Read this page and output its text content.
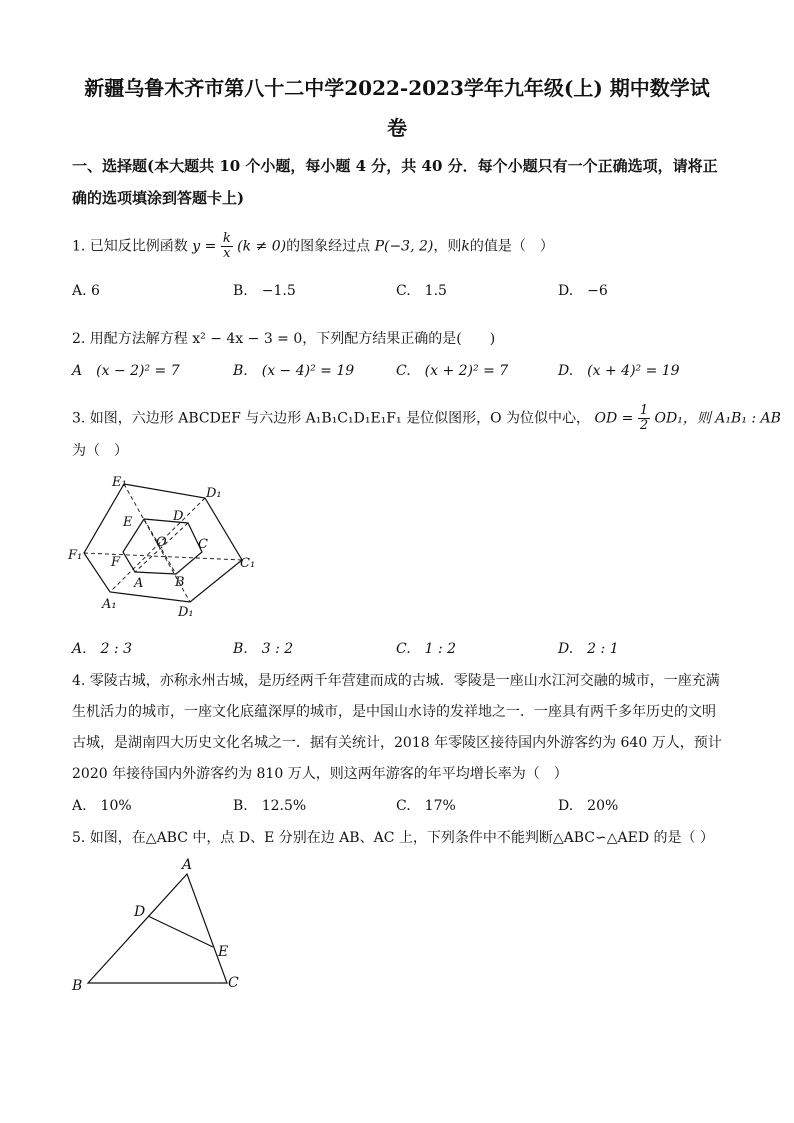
新疆乌鲁木齐市第八十二中学2022-2023学年九年级(上) 期中数学试
卷
一、选择题(本大题共 10 个小题，每小题 4 分，共 40 分．每个小题只有一个正确选项，请将正确的选项填涂到答题卡上)
1. 已知反比例函数 $y = \frac{k}{x} (k \ne 0)$的图象经过点 P(−3, 2)，则k的值是（　）
A. 6	B.　−1.5	C.　1.5	D.　−6
2. 用配方法解方程 x² − 4x − 3 = 0，下列配方结果正确的是(　　)
A　(x − 2)² = 7	B.　(x − 4)² = 19	C.　(x + 2)² = 7	D.　(x + 4)² = 19
3. 如图，六边形 ABCDEF 与六边形 A₁B₁C₁D₁E₁F₁ 是位似图形，O 为位似中心， OD = $\frac{1}{2} OD_1$，则 A₁B₁ : AB
为（　）
E₁
D₁
E	D
O C
F₁ F	C₁
A B
A₁
D₁
A.　2 : 3	B.　3 : 2	C.　1 : 2	D.　2 : 1
4. 零陵古城，亦称永州古城，是历经两千年营建而成的古城．零陵是一座山水江河交融的城市，一座充满生机活力的城市，一座文化底蕴深厚的城市，是中国山水诗的发祥地之一．一座具有两千多年历史的文明古城，是湖南四大历史文化名城之一．据有关统计，2018 年零陵区接待国内外游客约为 640 万人，预计 2020 年接待国内外游客约为 810 万人，则这两年游客的年平均增长率为（　）
A.　10%	B.　12.5%	C.　17%	D.　20%
5. 如图，在△ABC 中，点 D、E 分别在边 AB、AC 上，下列条件中不能判断△ABC∽△AED 的是（ ）
A
D
E
B	C
